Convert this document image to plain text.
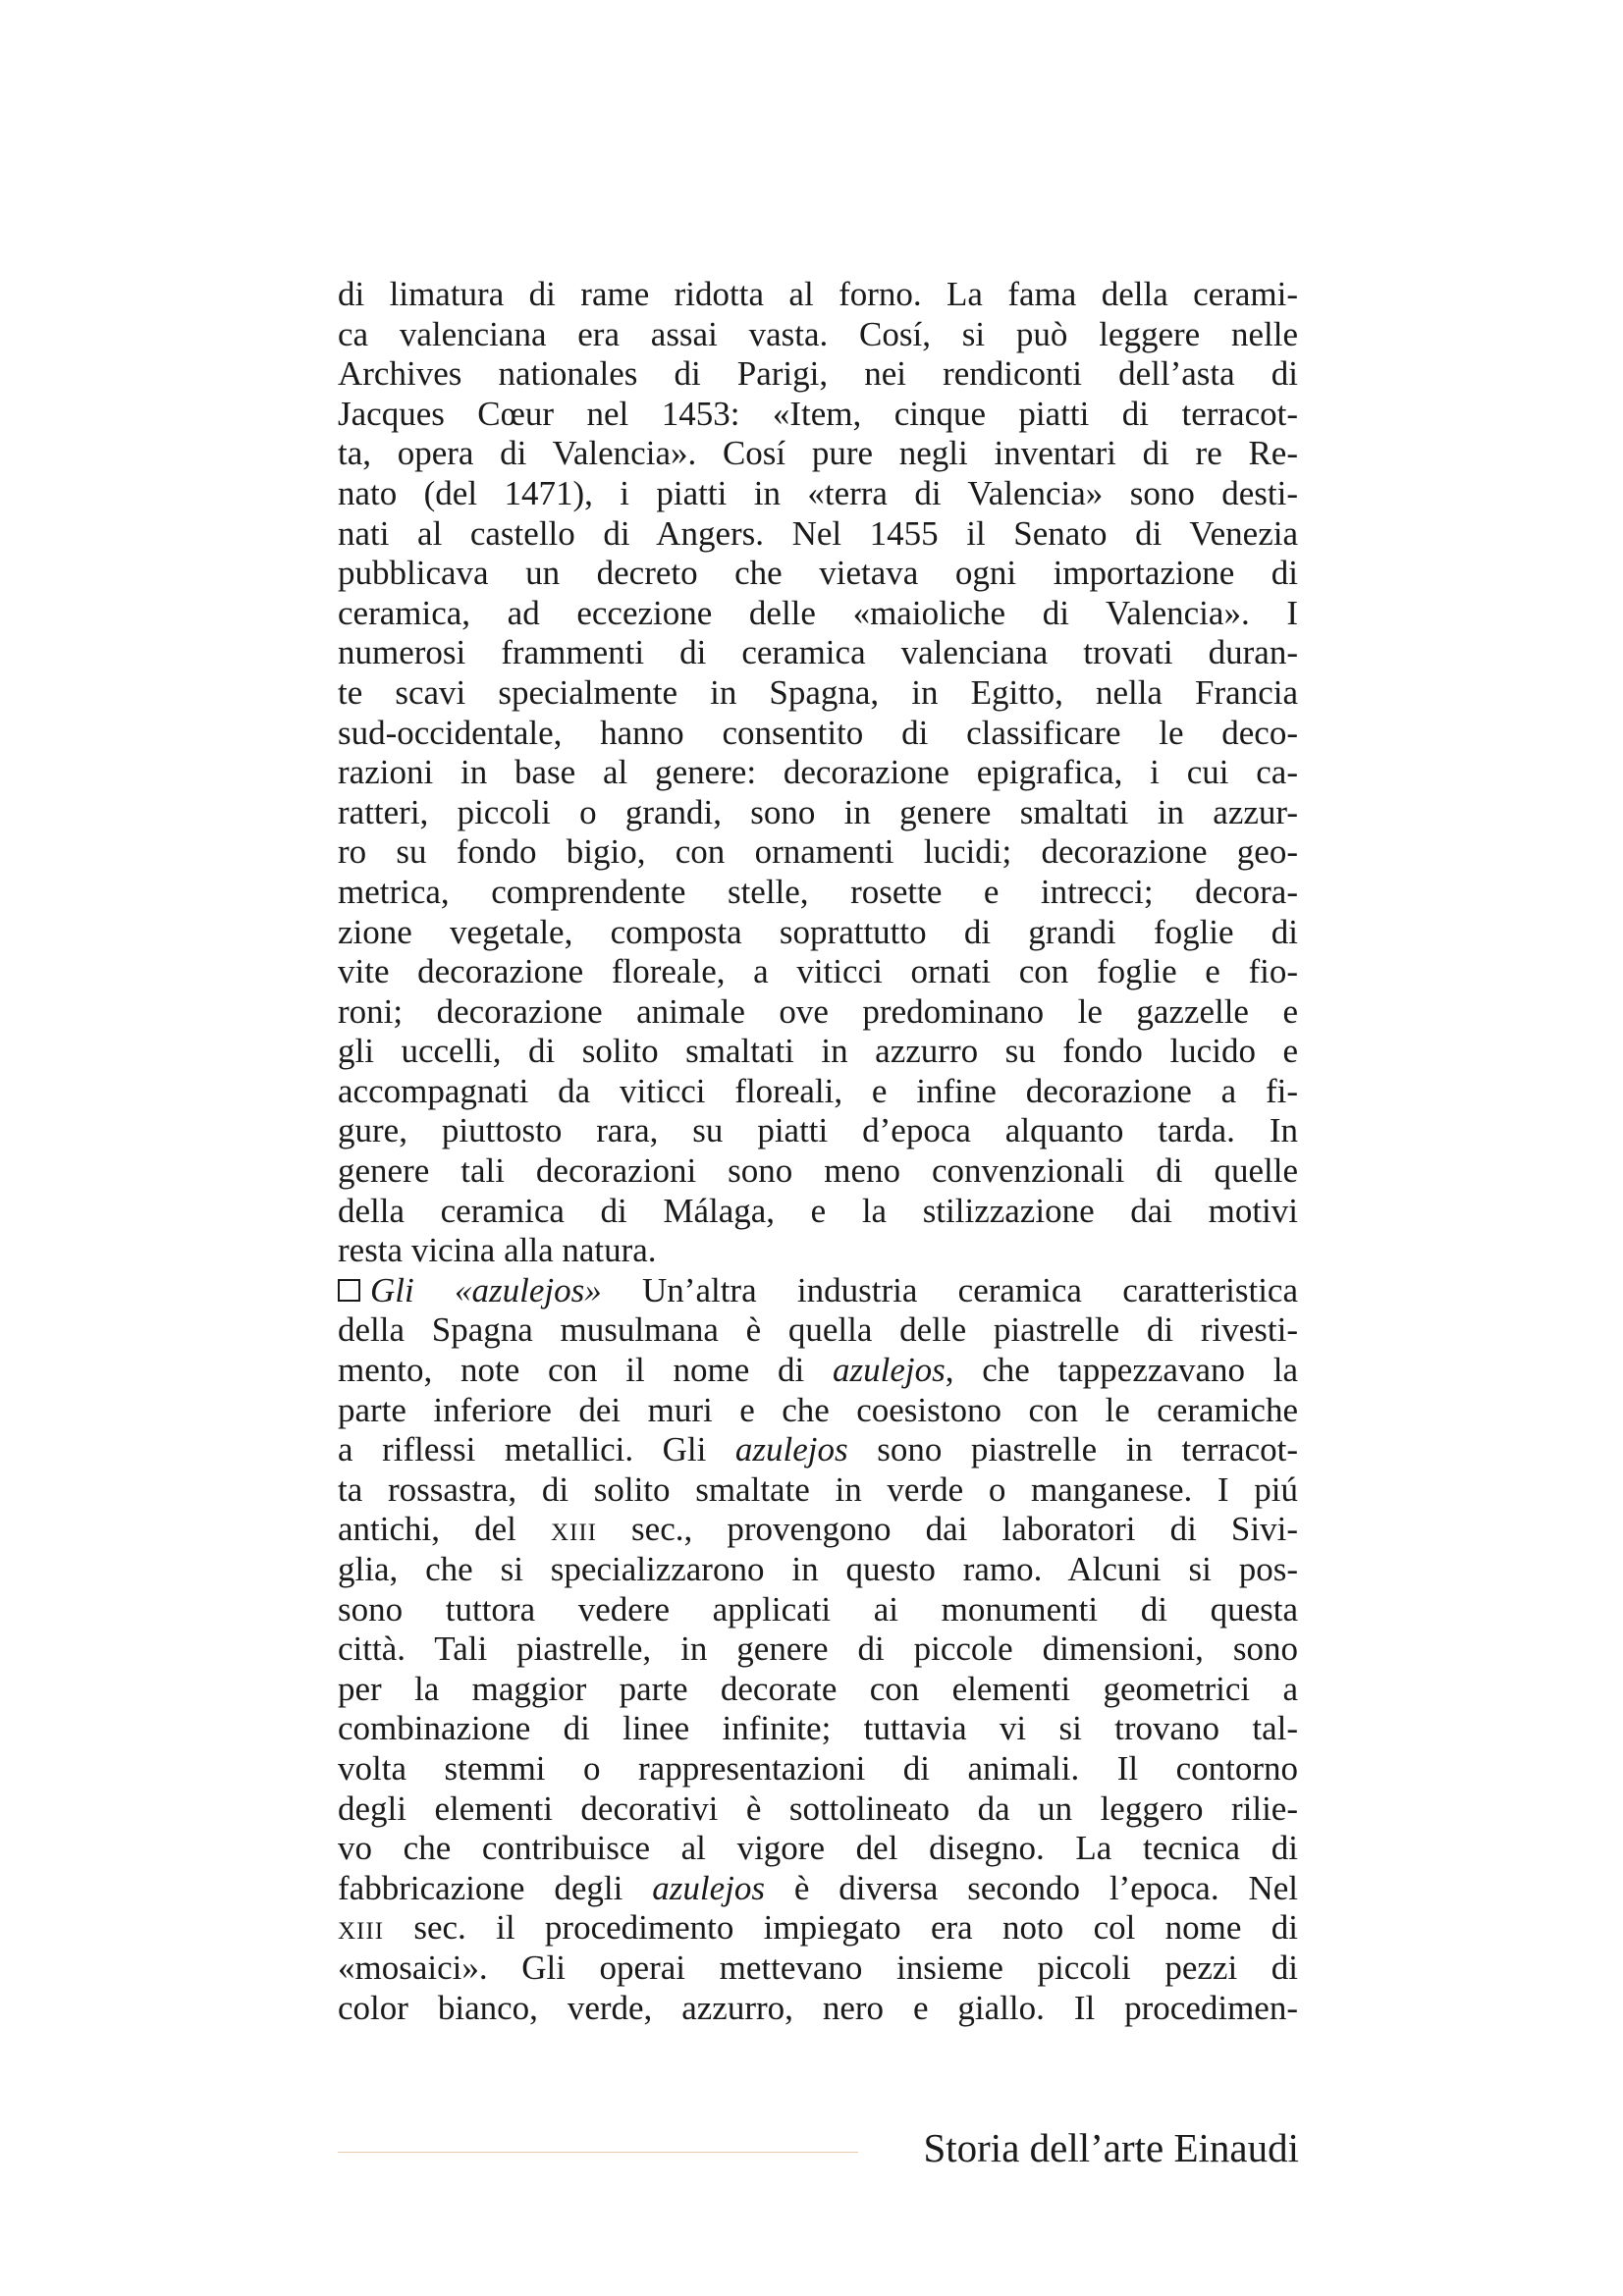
di limatura di rame ridotta al forno. La fama della cerami-
ca valenciana era assai vasta. Cosí, si può leggere nelle
Archives nationales di Parigi, nei rendiconti dell’asta di
Jacques Cœur nel 1453: «Item, cinque piatti di terracot-
ta, opera di Valencia». Cosí pure negli inventari di re Re-
nato (del 1471), i piatti in «terra di Valencia» sono desti-
nati al castello di Angers. Nel 1455 il Senato di Venezia
pubblicava un decreto che vietava ogni importazione di
ceramica, ad eccezione delle «maioliche di Valencia». I
numerosi frammenti di ceramica valenciana trovati duran-
te scavi specialmente in Spagna, in Egitto, nella Francia
sud-occidentale, hanno consentito di classificare le deco-
razioni in base al genere: decorazione epigrafica, i cui ca-
ratteri, piccoli o grandi, sono in genere smaltati in azzur-
ro su fondo bigio, con ornamenti lucidi; decorazione geo-
metrica, comprendente stelle, rosette e intrecci; decora-
zione vegetale, composta soprattutto di grandi foglie di
vite decorazione floreale, a viticci ornati con foglie e fio-
roni; decorazione animale ove predominano le gazzelle e
gli uccelli, di solito smaltati in azzurro su fondo lucido e
accompagnati da viticci floreali, e infine decorazione a fi-
gure, piuttosto rara, su piatti d’epoca alquanto tarda. In
genere tali decorazioni sono meno convenzionali di quelle
della ceramica di Málaga, e la stilizzazione dai motivi
resta vicina alla natura.
Gli «azulejos» Un’altra industria ceramica caratteristica
della Spagna musulmana è quella delle piastrelle di rivesti-
mento, note con il nome di azulejos, che tappezzavano la
parte inferiore dei muri e che coesistono con le ceramiche
a riflessi metallici. Gli azulejos sono piastrelle in terracot-
ta rossastra, di solito smaltate in verde o manganese. I piú
antichi, del xiii sec., provengono dai laboratori di Sivi-
glia, che si specializzarono in questo ramo. Alcuni si pos-
sono tuttora vedere applicati ai monumenti di questa
città. Tali piastrelle, in genere di piccole dimensioni, sono
per la maggior parte decorate con elementi geometrici a
combinazione di linee infinite; tuttavia vi si trovano tal-
volta stemmi o rappresentazioni di animali. Il contorno
degli elementi decorativi è sottolineato da un leggero rilie-
vo che contribuisce al vigore del disegno. La tecnica di
fabbricazione degli azulejos è diversa secondo l’epoca. Nel
xiii sec. il procedimento impiegato era noto col nome di
«mosaici». Gli operai mettevano insieme piccoli pezzi di
color bianco, verde, azzurro, nero e giallo. Il procedimen-
Storia dell’arte Einaudi
